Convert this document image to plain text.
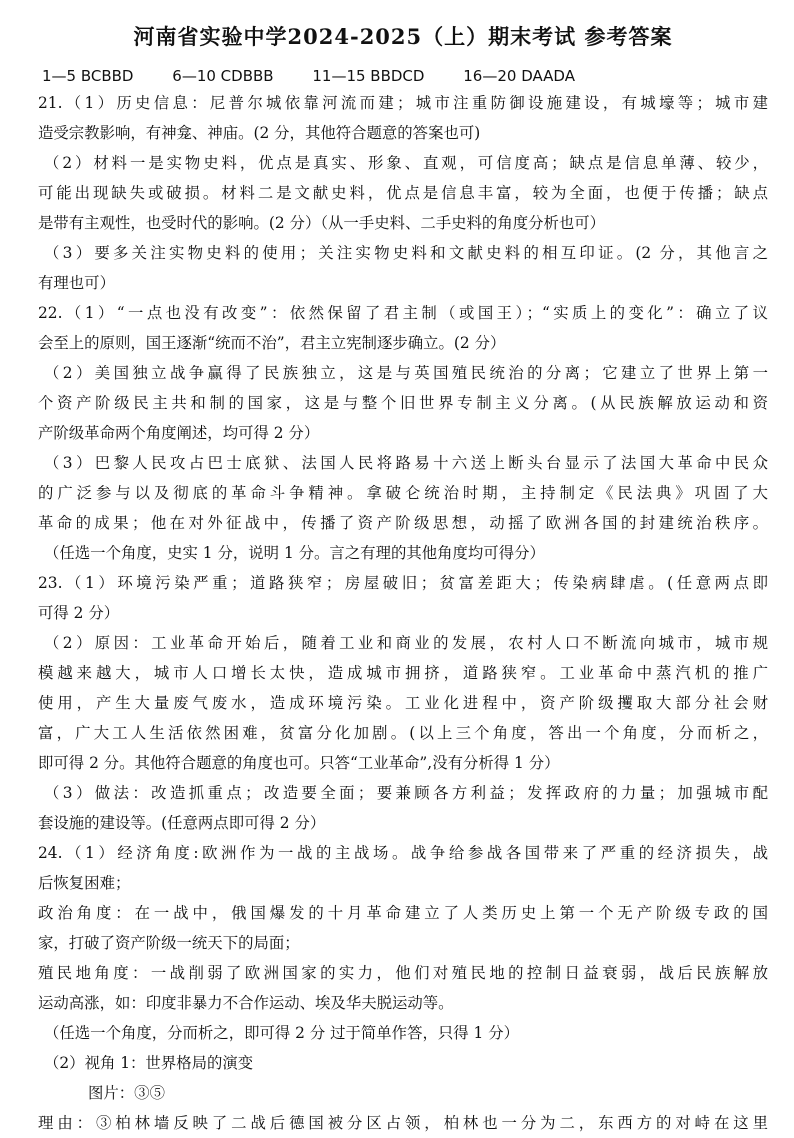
河南省实验中学2024-2025（上）期末考试 参考答案
1—5 BCBBD	6—10 CDBBB	11—15 BBDCD	16—20 DAADA

21.（1）历史信息：尼普尔城依靠河流而建；城市注重防御设施建设，有城壕等；城市建

造受宗教影响，有神龛、神庙。(2 分，其他符合题意的答案也可)

（2）材料一是实物史料，优点是真实、形象、直观，可信度高；缺点是信息单薄、较少，

可能出现缺失或破损。材料二是文献史料，优点是信息丰富，较为全面，也便于传播；缺点

是带有主观性，也受时代的影响。(2 分）（从一手史料、二手史料的角度分析也可）

（3）要多关注实物史料的使用；关注实物史料和文献史料的相互印证。(2 分，其他言之

有理也可）

22.（1）“一点也没有改变”：依然保留了君主制（或国王）；“实质上的变化”：确立了议

会至上的原则，国王逐渐“统而不治”，君主立宪制逐步确立。(2 分）

（2）美国独立战争赢得了民族独立，这是与英国殖民统治的分离；它建立了世界上第一

个资产阶级民主共和制的国家，这是与整个旧世界专制主义分离。(从民族解放运动和资

产阶级革命两个角度阐述，均可得 2 分）

（3）巴黎人民攻占巴士底狱、法国人民将路易十六送上断头台显示了法国大革命中民众

的广泛参与以及彻底的革命斗争精神。拿破仑统治时期，主持制定《民法典》巩固了大

革命的成果；他在对外征战中，传播了资产阶级思想，动摇了欧洲各国的封建统治秩序。

（任选一个角度，史实 1 分，说明 1 分。言之有理的其他角度均可得分）

23.（1）环境污染严重；道路狭窄；房屋破旧；贫富差距大；传染病肆虐。(任意两点即

可得 2 分）

（2）原因：工业革命开始后，随着工业和商业的发展，农村人口不断流向城市，城市规

模越来越大，城市人口增长太快，造成城市拥挤，道路狭窄。工业革命中蒸汽机的推广

使用，产生大量废气废水，造成环境污染。工业化进程中，资产阶级攫取大部分社会财

富，广大工人生活依然困难，贫富分化加剧。(以上三个角度，答出一个角度，分而析之，

即可得 2 分。其他符合题意的角度也可。只答“工业革命”,没有分析得 1 分）

（3）做法：改造抓重点；改造要全面；要兼顾各方利益；发挥政府的力量；加强城市配

套设施的建设等。(任意两点即可得 2 分）

24.（1）经济角度:欧洲作为一战的主战场。战争给参战各国带来了严重的经济损失，战

后恢复困难；

政治角度：在一战中，俄国爆发的十月革命建立了人类历史上第一个无产阶级专政的国

家，打破了资产阶级一统天下的局面；

殖民地角度：一战削弱了欧洲国家的实力，他们对殖民地的控制日益衰弱，战后民族解放

运动高涨，如：印度非暴力不合作运动、埃及华夫脱运动等。

（任选一个角度，分而析之，即可得 2 分 过于简单作答，只得 1 分）

（2）视角 1：世界格局的演变

图片：③⑤

理由：③柏林墙反映了二战后德国被分区占领，柏林也一分为二，东西方的对峙在这里
